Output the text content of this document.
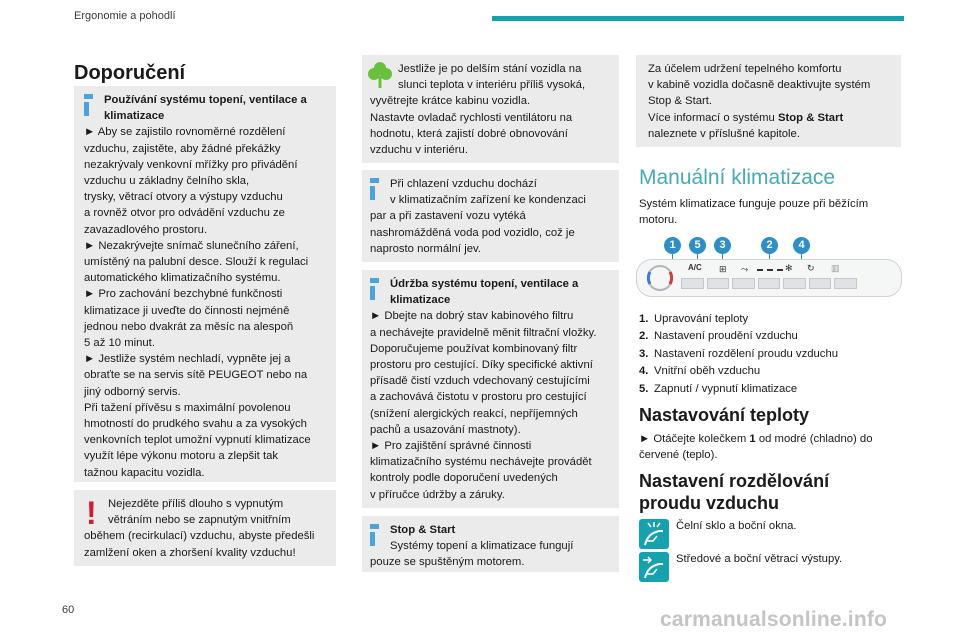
Ergonomie a pohodlí
Doporučení
Používání systému topení, ventilace a klimatizace
► Aby se zajistilo rovnoměrné rozdělení
vzduchu, zajistěte, aby žádné překážky
nezakrývaly venkovní mřížky pro přivádění
vzduchu u základny čelního skla,
trysky, větrací otvory a výstupy vzduchu
a rovněž otvor pro odvádění vzduchu ze
zavazadlového prostoru.
► Nezakrývejte snímač slunečního záření,
umístěný na palubní desce. Slouží k regulaci
automatického klimatizačního systému.
► Pro zachování bezchybné funkčnosti
klimatizace ji uveďte do činnosti nejméně
jednou nebo dvakrát za měsíc na alespoň
5 až 10 minut.
► Jestliže systém nechladí, vypněte jej a
obraťte se na servis sítě PEUGEOT nebo na
jiný odborný servis.
Při tažení přívěsu s maximální povolenou
hmotností do prudkého svahu a za vysokých
venkovních teplot umožní vypnutí klimatizace
využít lépe výkonu motoru a zlepšit tak
tažnou kapacitu vozidla.
!	Nejezděte příliš dlouho s vypnutým
větráním nebo se zapnutým vnitřním
oběhem (recirkulací) vzduchu, abyste předešli
zamlžení oken a zhoršení kvality vzduchu!
Jestliže je po delším stání vozidla na
slunci teplota v interiéru příliš vysoká,
vyvětrejte krátce kabinu vozidla.
Nastavte ovladač rychlosti ventilátoru na
hodnotu, která zajistí dobré obnovování
vzduchu v interiéru.
Při chlazení vzduchu dochází
v klimatizačním zařízení ke kondenzaci
par a při zastavení vozu vytéká
nashromážděná voda pod vozidlo, což je
naprosto normální jev.
Údržba systému topení, ventilace a klimatizace
► Dbejte na dobrý stav kabinového filtru
a nechávejte pravidelně měnit filtrační vložky.
Doporučujeme používat kombinovaný filtr
prostoru pro cestující. Díky specifické aktivní
přísadě čistí vzduch vdechovaný cestujícími
a zachovává čistotu v prostoru pro cestující
(snížení alergických reakcí, nepříjemných
pachů a usazování mastnoty).
► Pro zajištění správné činnosti
klimatizačního systému nechávejte provádět
kontroly podle doporučení uvedených
v příručce údržby a záruky.
Stop & Start
Systémy topení a klimatizace fungují
pouze se spuštěným motorem.
Za účelem udržení tepelného komfortu
v kabině vozidla dočasně deaktivujte systém
Stop & Start.
Více informací o systému Stop & Start
naleznete v příslušné kapitole.
Manuální klimatizace
Systém klimatizace funguje pouze při běžícím
motoru.
1	5	3	2	4
A/C ⊞ ⤳	✻ ↻ ▥
1. Upravování teploty
2. Nastavení proudění vzduchu
3. Nastavení rozdělení proudu vzduchu
4. Vnitřní oběh vzduchu
5. Zapnutí / vypnutí klimatizace
Nastavování teploty
► Otáčejte kolečkem 1 od modré (chladno) do
červené (teplo).
Nastavení rozdělování
proudu vzduchu
Čelní sklo a boční okna.
Středové a boční větrací výstupy.
60	carmanualsonline.info
